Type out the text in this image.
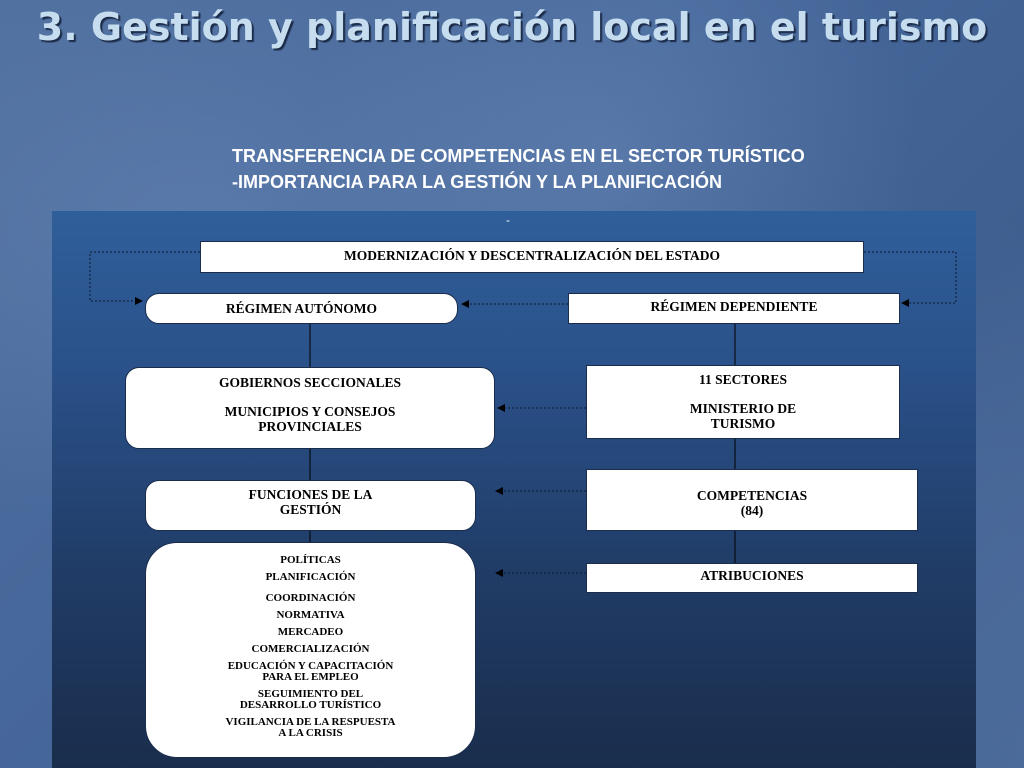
3. Gestión y planificación local en el turismo
TRANSFERENCIA DE COMPETENCIAS EN EL SECTOR TURÍSTICO
-IMPORTANCIA PARA LA GESTIÓN Y LA PLANIFICACIÓN
-
MODERNIZACIÓN Y DESCENTRALIZACIÓN DEL ESTADO
RÉGIMEN AUTÓNOMO	RÉGIMEN DEPENDIENTE
GOBIERNOS SECCIONALES
MUNICIPIOS Y CONSEJOS
PROVINCIALES
11 SECTORES
MINISTERIO DE
TURISMO
FUNCIONES DE LA
GESTIÓN
COMPETENCIAS
(84)
ATRIBUCIONES
POLÍTICAS
PLANIFICACIÓN
COORDINACIÓN
NORMATIVA
MERCADEO
COMERCIALIZACIÓN
EDUCACIÓN Y CAPACITACIÓN
PARA EL EMPLEO
SEGUIMIENTO DEL
DESARROLLO TURÍSTICO
VIGILANCIA DE LA RESPUESTA
A LA CRISIS
